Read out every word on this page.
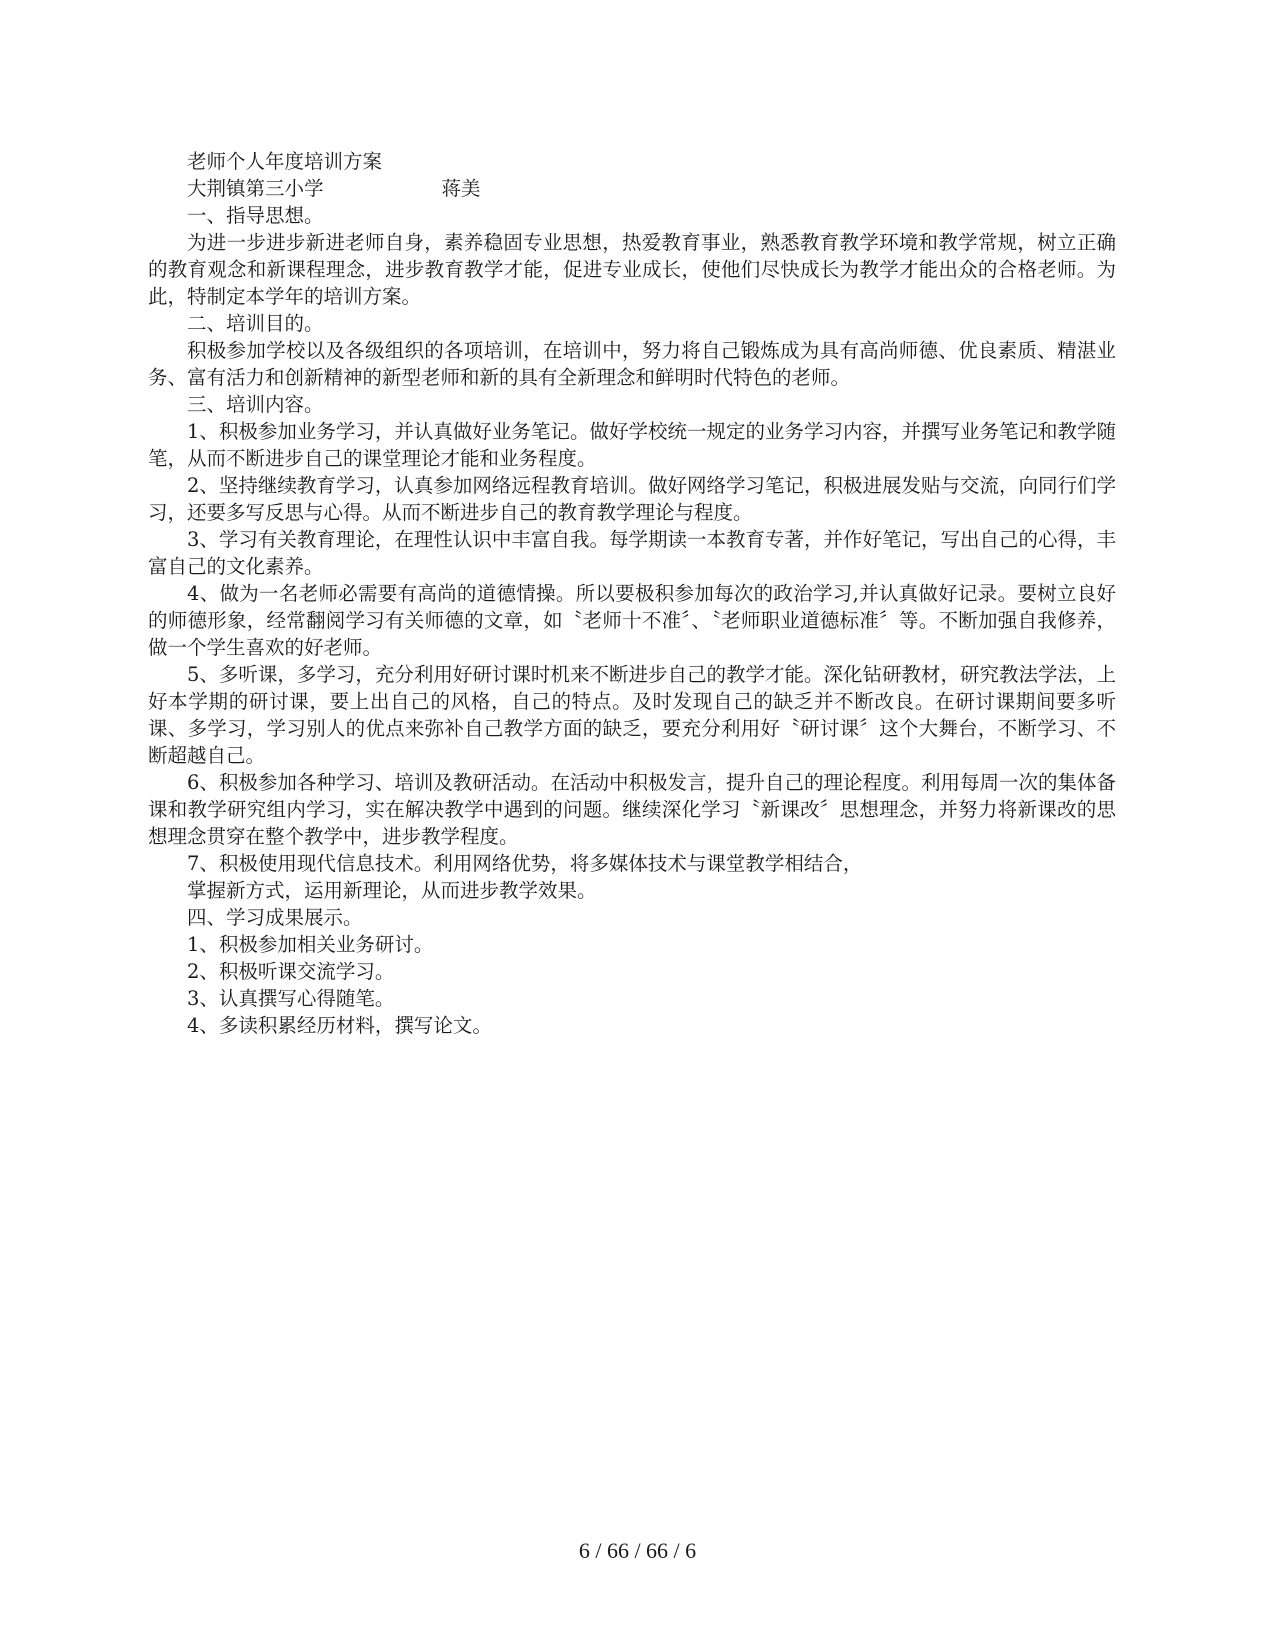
老师个人年度培训方案
大荆镇第三小学	蒋美
一、指导思想。

为进一步进步新进老师自身，素养稳固专业思想，热爱教育事业，熟悉教育教学环境和教学常规，树立正确的教育观念和新课程理念，进步教育教学才能，促进专业成长，使他们尽快成长为教学才能出众的合格老师。为此，特制定本学年的培训方案。

二、培训目的。

积极参加学校以及各级组织的各项培训，在培训中，努力将自己锻炼成为具有高尚师德、优良素质、精湛业务、富有活力和创新精神的新型老师和新的具有全新理念和鲜明时代特色的老师。

三、培训内容。

1、积极参加业务学习，并认真做好业务笔记。做好学校统一规定的业务学习内容，并撰写业务笔记和教学随笔，从而不断进步自己的课堂理论才能和业务程度。

2、坚持继续教育学习，认真参加网络远程教育培训。做好网络学习笔记，积极进展发贴与交流，向同行们学习，还要多写反思与心得。从而不断进步自己的教育教学理论与程度。

3、学习有关教育理论，在理性认识中丰富自我。每学期读一本教育专著，并作好笔记，写出自己的心得，丰富自己的文化素养。

4、做为一名老师必需要有高尚的道德情操。所以要极积参加每次的政治学习,并认真做好记录。要树立良好的师德形象，经常翻阅学习有关师德的文章，如〝老师十不准〞、〝老师职业道德标准〞等。不断加强自我修养，做一个学生喜欢的好老师。

5、多听课，多学习，充分利用好研讨课时机来不断进步自己的教学才能。深化钻研教材，研究教法学法，上好本学期的研讨课，要上出自己的风格，自己的特点。及时发现自己的缺乏并不断改良。在研讨课期间要多听课、多学习，学习别人的优点来弥补自己教学方面的缺乏，要充分利用好〝研讨课〞这个大舞台，不断学习、不断超越自己。

6、积极参加各种学习、培训及教研活动。在活动中积极发言，提升自己的理论程度。利用每周一次的集体备课和教学研究组内学习，实在解决教学中遇到的问题。继续深化学习〝新课改〞思想理念，并努力将新课改的思想理念贯穿在整个教学中，进步教学程度。

7、积极使用现代信息技术。利用网络优势，将多媒体技术与课堂教学相结合，
掌握新方式，运用新理论，从而进步教学效果。
四、学习成果展示。
1、积极参加相关业务研讨。
2、积极听课交流学习。
3、认真撰写心得随笔。
4、多读积累经历材料，撰写论文。
6 / 66 / 66 / 6
